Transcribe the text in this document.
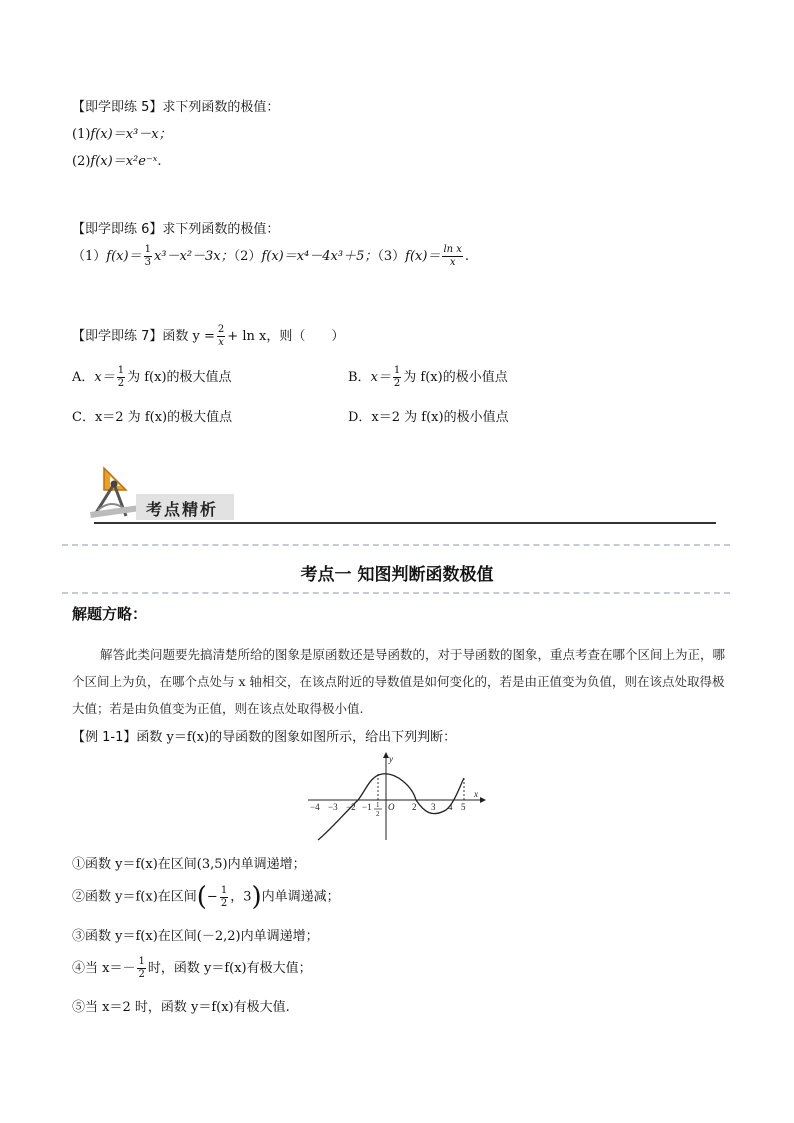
【即学即练 5】求下列函数的极值：
(1)f(x)＝x³－x；
(2)f(x)＝x²e⁻ˣ.
【即学即练 6】求下列函数的极值：
$(1)f(x)= \frac{1}{3} x^3-x^2-3x$；（2）f(x)＝x⁴－4x³＋5；$(3)f(x)= \frac{\text{ln x}}{x}$ .
【即学即练 7】函数 $y = \frac{2}{x} + \ln x$，则（　　）
A．$x= \frac{1}{2}$ 为 f(x)的极大值点	B．$x= \frac{1}{2}$ 为 f(x)的极小值点
C．x＝2 为 f(x)的极大值点	D．x＝2 为 f(x)的极小值点
考点精析
考点一 知图判断函数极值
解题方略：
解答此类问题要先搞清楚所给的图象是原函数还是导函数的，对于导函数的图象，重点考查在哪个区间上为正，哪个区间上为负，在哪个点处与 x 轴相交，在该点附近的导数值是如何变化的，若是由正值变为负值，则在该点处取得极大值；若是由负值变为正值，则在该点处取得极小值.
【例 1-1】函数 y＝f(x)的导函数的图象如图所示，给出下列判断：
y
x
O
−4 −3 −2 −1	2 3 4 5
1
2
①函数 y＝f(x)在区间(3,5)内单调递增；
②函数 y＝f(x)在区间(− $\frac{1}{2}$ ，3)内单调递减；
③函数 y＝f(x)在区间(－2,2)内单调递增；
④当 $x=- \frac{1}{2}$ 时，函数 y＝f(x)有极大值；
⑤当 x＝2 时，函数 y＝f(x)有极大值.
